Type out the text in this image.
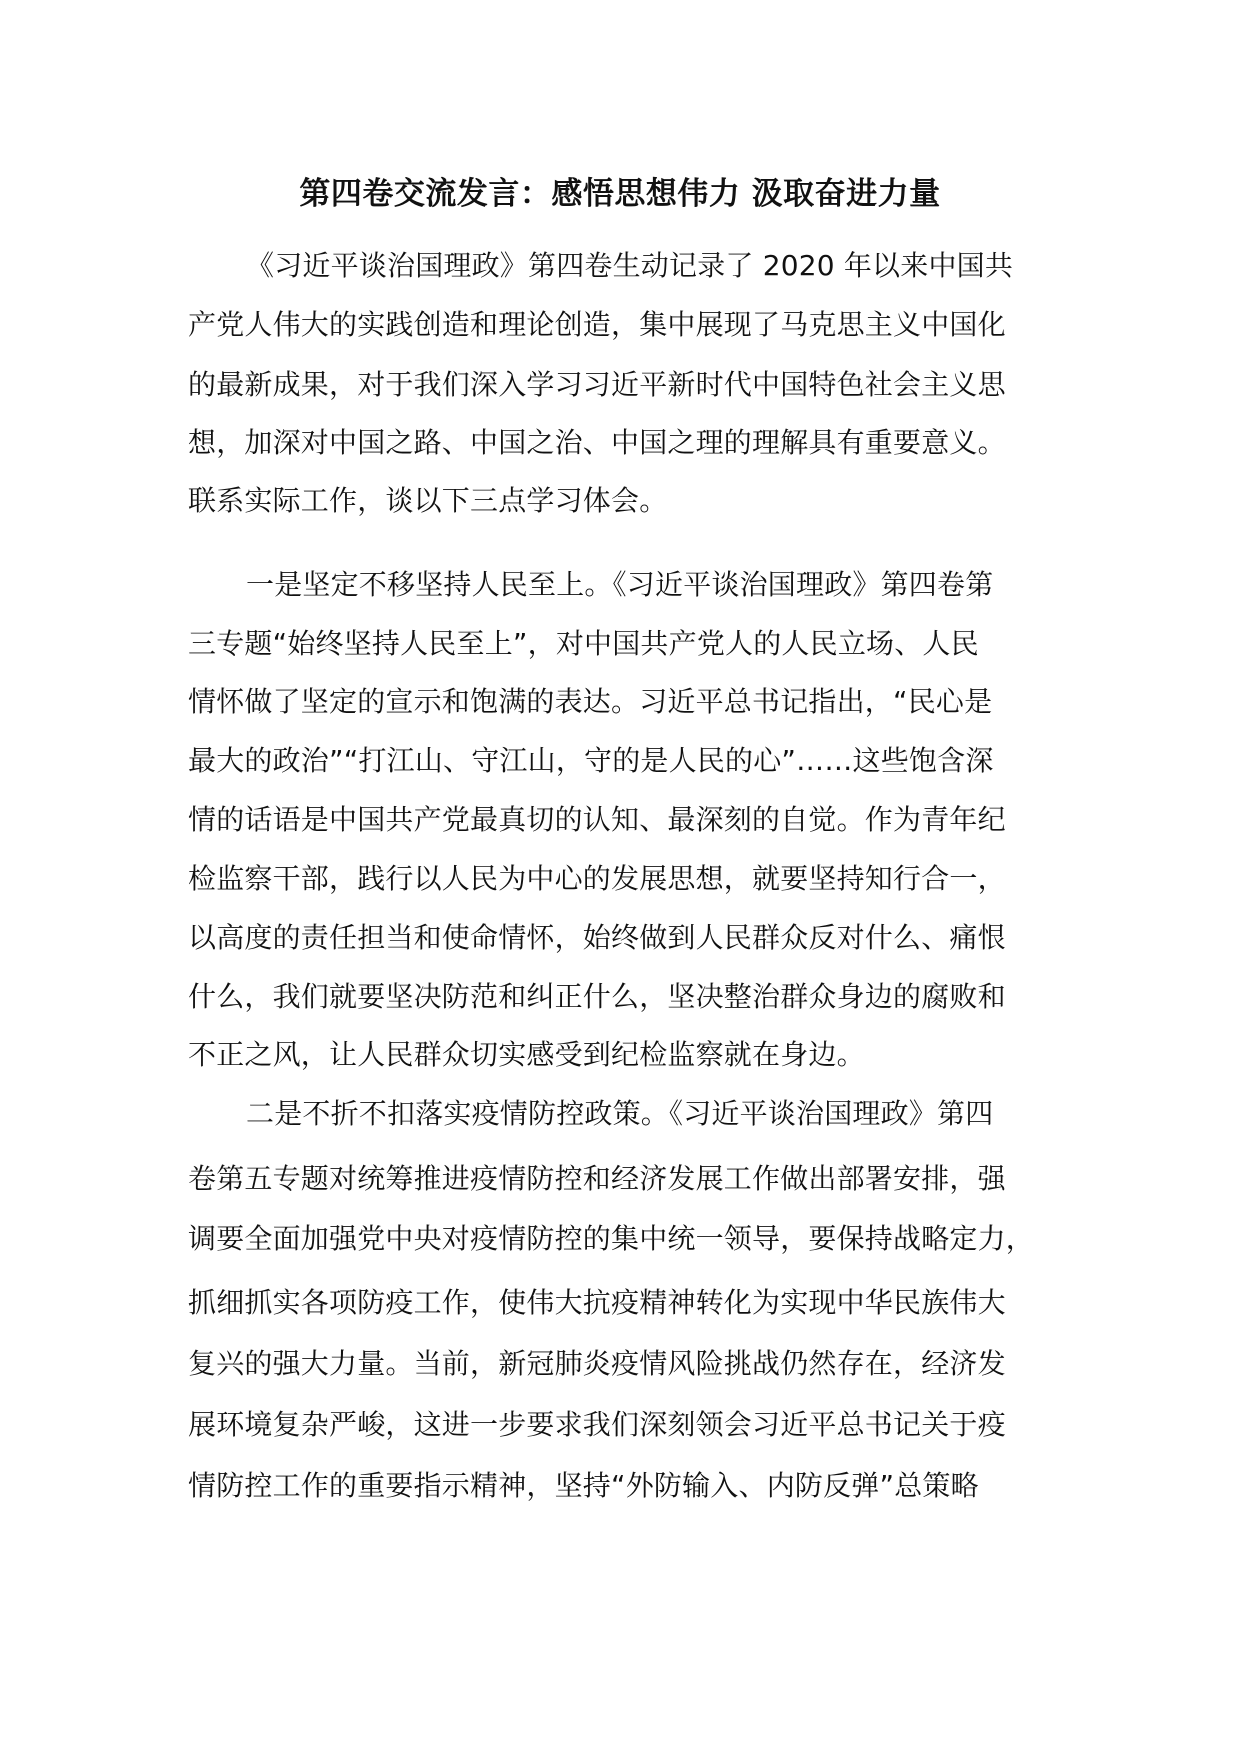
第四卷交流发言：感悟思想伟力 汲取奋进力量
《习近平谈治国理政》第四卷生动记录了 2020 年以来中国共
产党人伟大的实践创造和理论创造，集中展现了马克思主义中国化
的最新成果，对于我们深入学习习近平新时代中国特色社会主义思
想，加深对中国之路、中国之治、中国之理的理解具有重要意义。
联系实际工作，谈以下三点学习体会。
一是坚定不移坚持人民至上。《习近平谈治国理政》第四卷第
三专题“始终坚持人民至上”，对中国共产党人的人民立场、人民
情怀做了坚定的宣示和饱满的表达。习近平总书记指出，“民心是
最大的政治”“打江山、守江山，守的是人民的心”……这些饱含深
情的话语是中国共产党最真切的认知、最深刻的自觉。作为青年纪
检监察干部，践行以人民为中心的发展思想，就要坚持知行合一，
以高度的责任担当和使命情怀，始终做到人民群众反对什么、痛恨
什么，我们就要坚决防范和纠正什么，坚决整治群众身边的腐败和
不正之风，让人民群众切实感受到纪检监察就在身边。
二是不折不扣落实疫情防控政策。《习近平谈治国理政》第四
卷第五专题对统筹推进疫情防控和经济发展工作做出部署安排，强
调要全面加强党中央对疫情防控的集中统一领导，要保持战略定力，
抓细抓实各项防疫工作，使伟大抗疫精神转化为实现中华民族伟大
复兴的强大力量。当前，新冠肺炎疫情风险挑战仍然存在，经济发
展环境复杂严峻，这进一步要求我们深刻领会习近平总书记关于疫
情防控工作的重要指示精神，坚持“外防输入、内防反弹”总策略
